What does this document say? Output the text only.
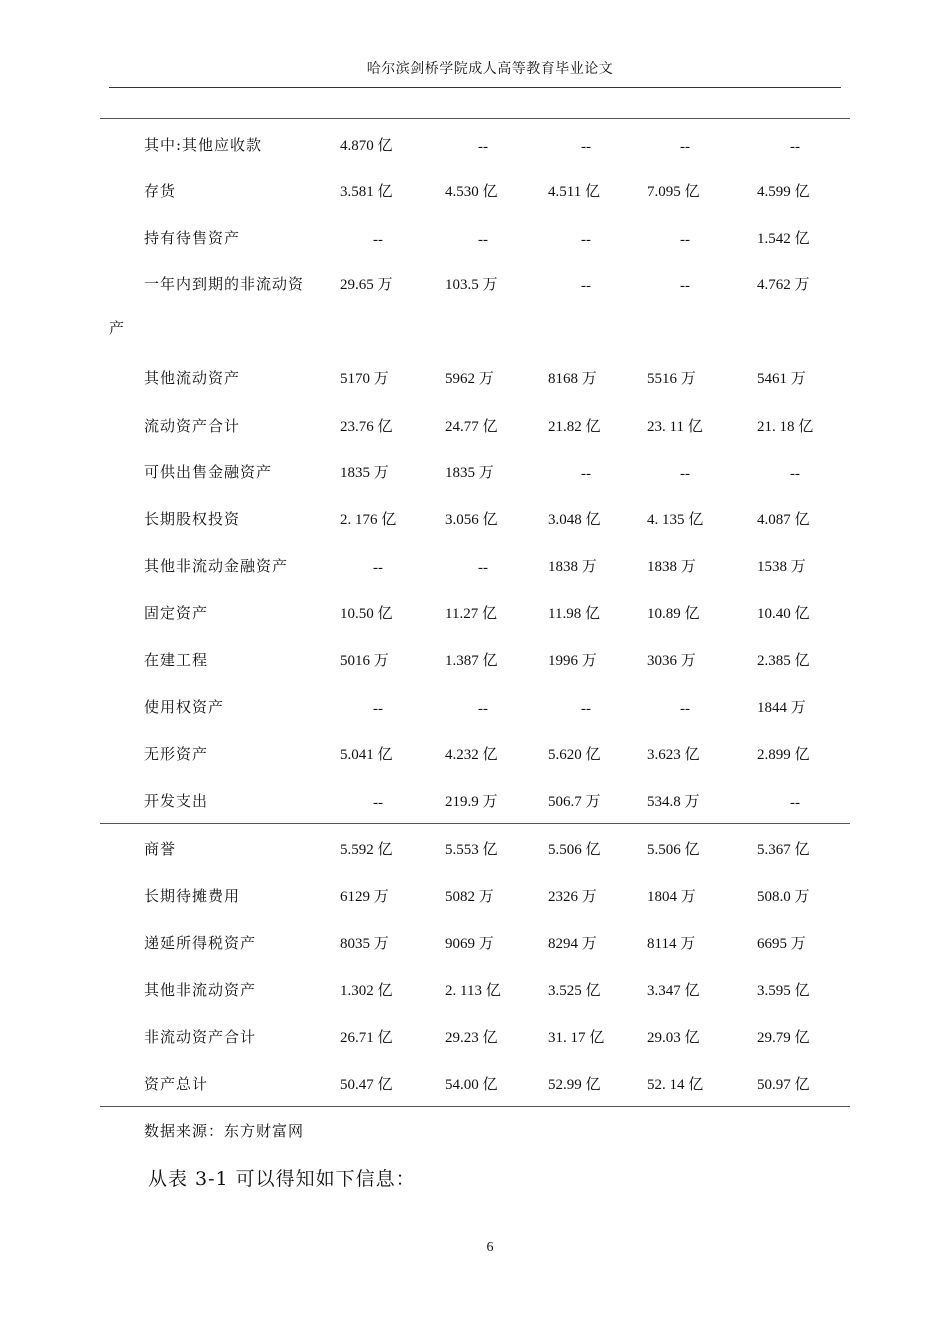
哈尔滨剑桥学院成人高等教育毕业论文
其中:其他应收款	4.870 亿	--	--	--	--
存货	3.581 亿	4.530 亿	4.511 亿	7.095 亿	4.599 亿
持有待售资产	--	--	--	--	1.542 亿
一年内到期的非流动资 29.65 万	103.5 万	--	--	4.762 万
其他流动资产	5170 万	5962 万	8168 万	5516 万	5461 万
流动资产合计	23.76 亿	24.77 亿	21.82 亿	23. 11 亿	21. 18 亿
可供出售金融资产	1835 万	1835 万	--	--	--
长期股权投资	2. 176 亿	3.056 亿	3.048 亿	4. 135 亿	4.087 亿
其他非流动金融资产	--	--	1838 万	1838 万	1538 万
固定资产	10.50 亿	11.27 亿	11.98 亿	10.89 亿	10.40 亿
在建工程	5016 万	1.387 亿	1996 万	3036 万	2.385 亿
使用权资产	--	--	--	--	1844 万
无形资产	5.041 亿	4.232 亿	5.620 亿	3.623 亿	2.899 亿
开发支出	--	219.9 万	506.7 万	534.8 万	--
商誉	5.592 亿	5.553 亿	5.506 亿	5.506 亿	5.367 亿
长期待摊费用	6129 万	5082 万	2326 万	1804 万	508.0 万
递延所得税资产	8035 万	9069 万	8294 万	8114 万	6695 万
其他非流动资产	1.302 亿	2. 113 亿	3.525 亿	3.347 亿	3.595 亿
非流动资产合计	26.71 亿	29.23 亿	31. 17 亿	29.03 亿	29.79 亿
资产总计	50.47 亿	54.00 亿	52.99 亿	52. 14 亿	50.97 亿
产
数据来源：东方财富网
从表 3-1 可以得知如下信息：
6
